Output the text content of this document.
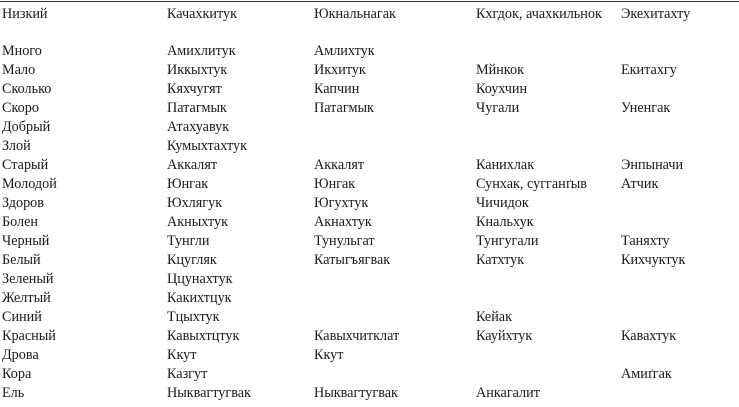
Низкий	Качахкитук	Юкнальнагак	Кхгдок, ачахкильнок	Экехитахту
Много	Амихлитук	Амлихтук		
Мало	Иккыхтук	Икхитук	Мйнкок	Екитахгу
Сколько	Кяхчугят	Капчин	Коухчин	
Скоро	Патагмык	Патагмык	Чугали	Уненгак
Добрый	Атахуавук			
Злой	Кумыхтахтук			
Старый	Аккалят	Аккалят	Канихлак	Энпыначи
Молодой	Юнгак	Юнгак	Сунхак, сугганґыв	Атчик
Здоров	Юхлягук	Югухтук	Чичидок	
Болен	Акныхтук	Акнахтук	Кнальхук	
Черный	Тунгли	Тунульгат	Тунгугали	Таняхту
Белый	Кцугляк	Катыгъягвак	Катхтук	Кихчуктук
Зеленый	Ццунахтук			
Желтый	Какихтцук			
Синий	Тцыхтук		Кейак	
Красный	Кавыхтцтук	Кавыхчитклат	Кауйхтук	Кавахтук
Дрова	Ккут	Ккут		
Кора	Казгут			Амиґгак
Ель	Ныквагтугвак	Ныквагтугвак	Анкагалит	
